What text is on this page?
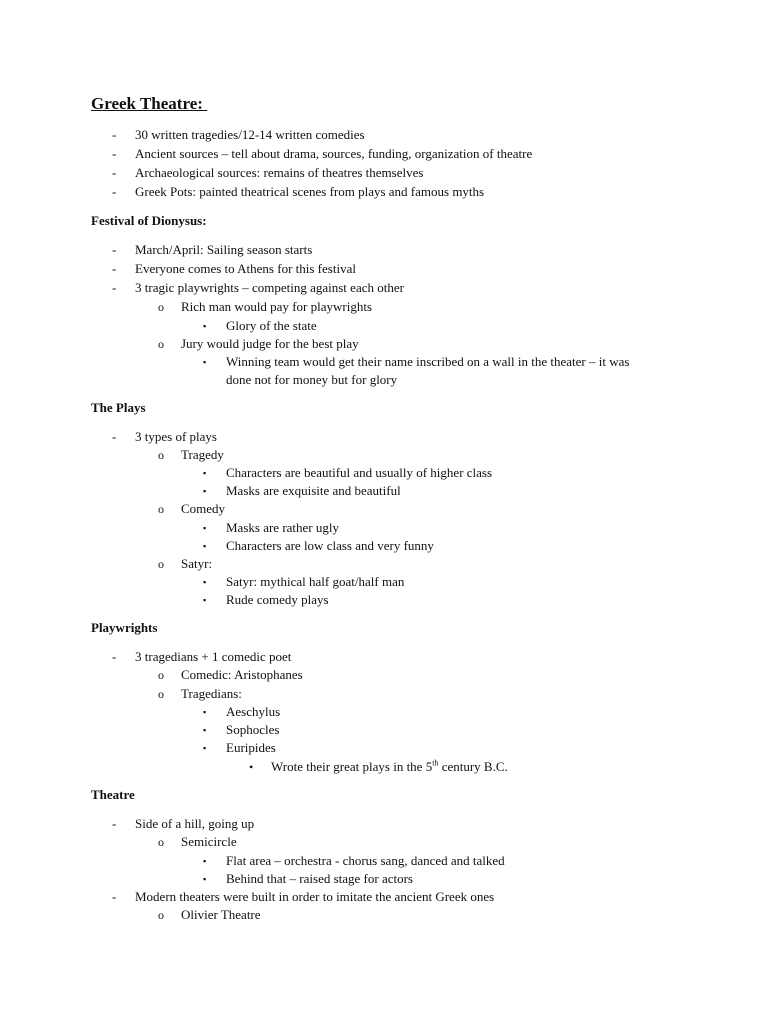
Greek Theatre:
- 30 written tragedies/12-14 written comedies
- Ancient sources – tell about drama, sources, funding, organization of theatre
- Archaeological sources: remains of theatres themselves
- Greek Pots: painted theatrical scenes from plays and famous myths
Festival of Dionysus:
- March/April: Sailing season starts
- Everyone comes to Athens for this festival
- 3 tragic playwrights – competing against each other
o Rich man would pay for playwrights
▪ Glory of the state
o Jury would judge for the best play
▪ Winning team would get their name inscribed on a wall in the theater – it was
done not for money but for glory
The Plays
- 3 types of plays
o Tragedy
▪ Characters are beautiful and usually of higher class
▪ Masks are exquisite and beautiful
o Comedy
▪ Masks are rather ugly
▪ Characters are low class and very funny
o Satyr:
▪ Satyr: mythical half goat/half man
▪ Rude comedy plays
Playwrights
- 3 tragedians + 1 comedic poet
o Comedic: Aristophanes
o Tragedians:
▪ Aeschylus
▪ Sophocles
▪ Euripides
• Wrote their great plays in the 5th century B.C.
Theatre
- Side of a hill, going up
o Semicircle
▪ Flat area – orchestra - chorus sang, danced and talked
▪ Behind that – raised stage for actors
- Modern theaters were built in order to imitate the ancient Greek ones
o Olivier Theatre
